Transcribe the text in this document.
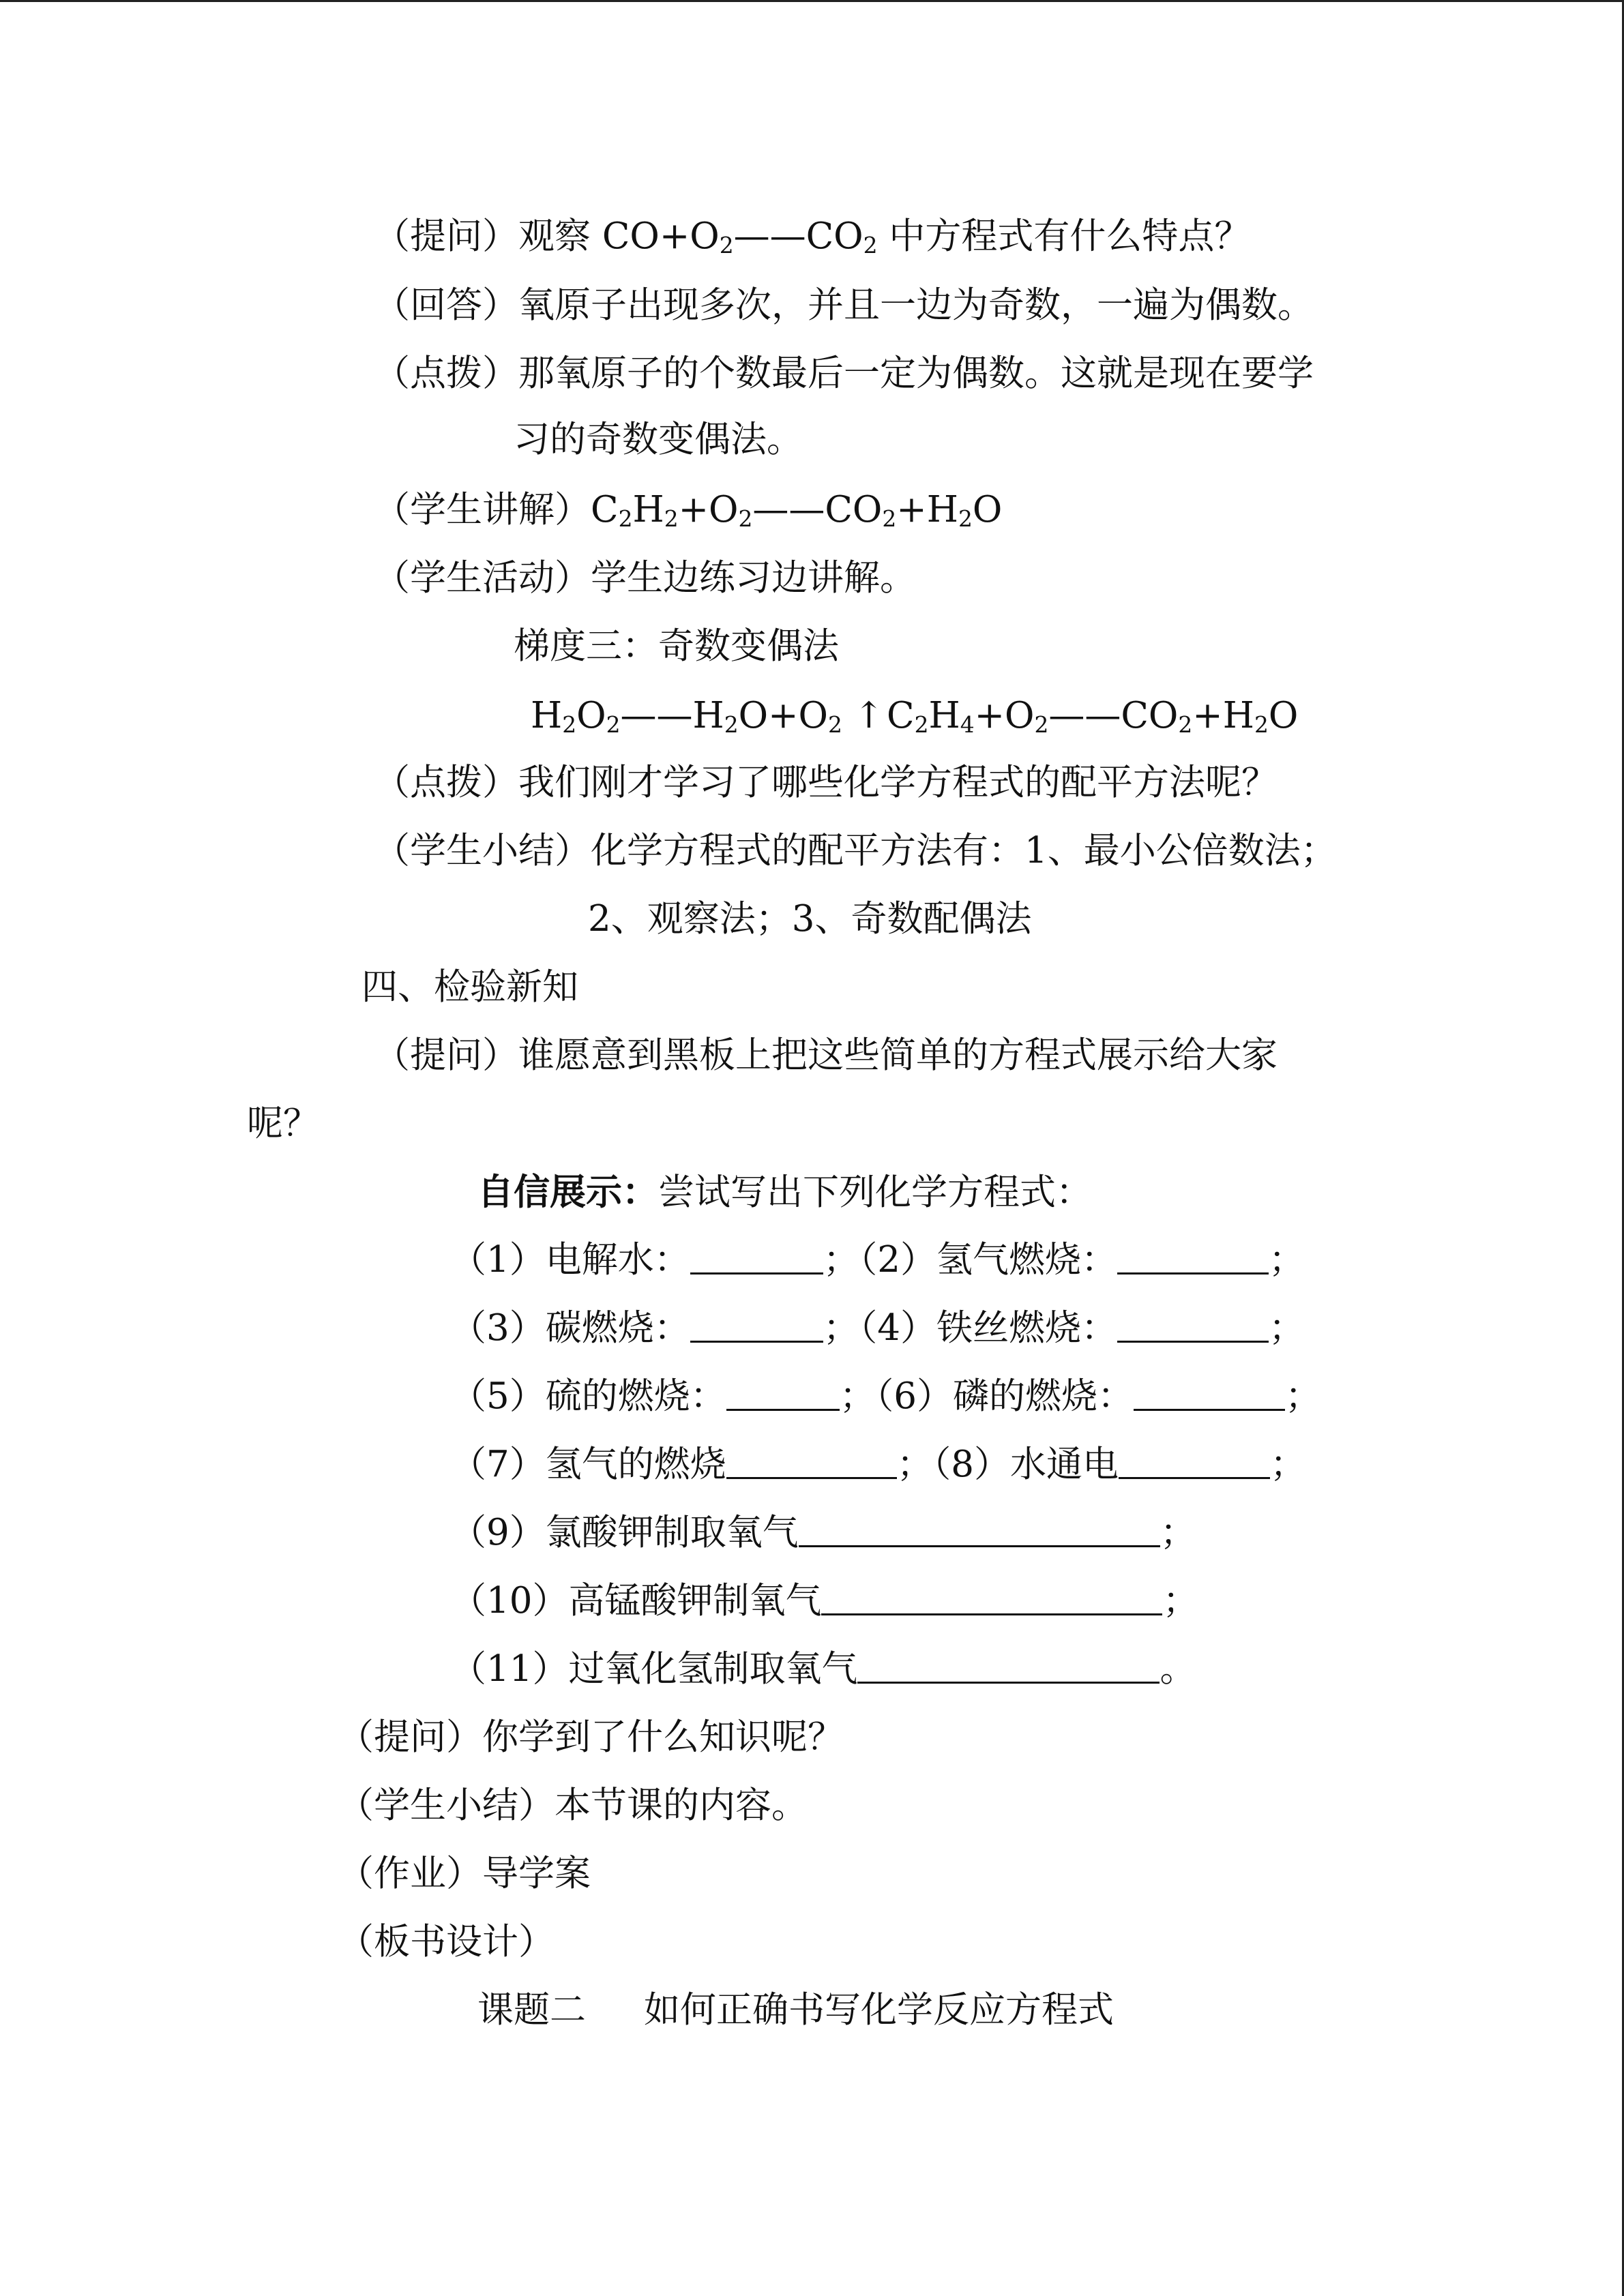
（提问）观察 $CO+O_2——CO_2$ 中方程式有什么特点？
（回答）氧原子出现多次，并且一边为奇数，一遍为偶数。
（点拨）那氧原子的个数最后一定为偶数。这就是现在要学
习的奇数变偶法。
（学生讲解）$C_2H_2+O_2——CO_2+H_2O$
（学生活动）学生边练习边讲解。
梯度三：奇数变偶法
$H_2O_2——H_2O+O_2$ ↑ $C_2H_4+O_2——CO_2+H_2O$
（点拨）我们刚才学习了哪些化学方程式的配平方法呢？
（学生小结）化学方程式的配平方法有：1、最小公倍数法；
2、观察法；3、奇数配偶法
四、检验新知
（提问）谁愿意到黑板上把这些简单的方程式展示给大家
呢？
自信展示：尝试写出下列化学方程式：
（1）电解水：	；（2）氢气燃烧：	；
（3）碳燃烧：	；（4）铁丝燃烧：	；
（5）硫的燃烧：	；（6）磷的燃烧：	；
（7）氢气的燃烧	；（8）水通电	；
（9）氯酸钾制取氧气	；
（10）高锰酸钾制氧气	；
（11）过氧化氢制取氧气	。
（提问）你学到了什么知识呢？
（学生小结）本节课的内容。
（作业）导学案
（板书设计）
课题二 如何正确书写化学反应方程式
